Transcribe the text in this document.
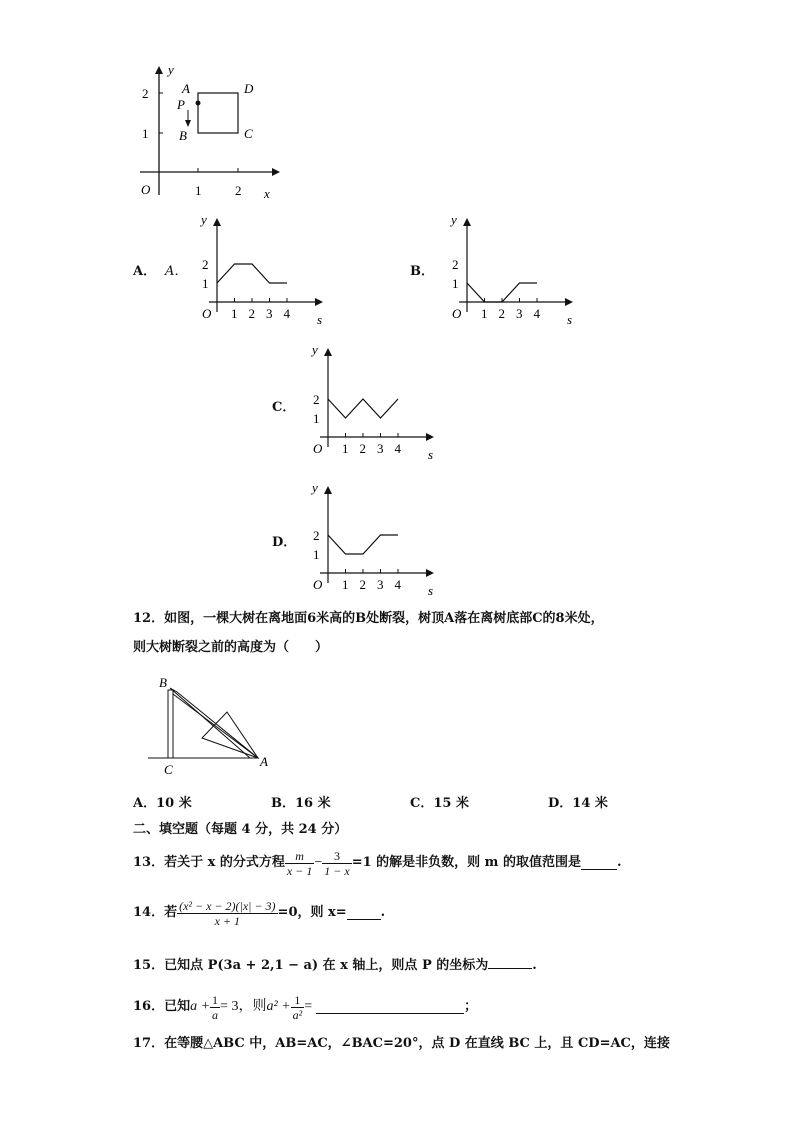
y
x
O	1	2
1
2	A
P
B
D
C
A． A．	B．
C．
D．
1 2 3 4
1
2
O
y
s	1 2 3 4
1
2
O
y
s
1 2 3 4
1
2
O
y
s
1 2 3 4
1
2
O
y
s
12．如图，一棵大树在离地面6米高的B处断裂，树顶A落在离树底部C的8米处，
则大树断裂之前的高度为（　　）
B
C
A
A．10 米	B．16 米	C．15 米	D．14 米
二、填空题（每题 4 分，共 24 分）
13．若关于 x 的分式方程 $\frac{m}{x - 1} - \frac{3}{1 - x} =1$ 的解是非负数，则 m 的取值范围是	.
14．若 $\frac{\text{(x² − x − 2)(|x| − 3)}}{x + 1} =0$，则 x=	.
15．已知点 P(3a + 2,1 − a) 在 x 轴上，则点 P 的坐标为	.
16．已知 $a + \frac{1}{a} = 3$，则 $a^2 + \frac{1}{\text{a²}}$ =	；
17．在等腰△ABC 中，AB=AC，∠BAC=20°，点 D 在直线 BC 上，且 CD=AC，连接
